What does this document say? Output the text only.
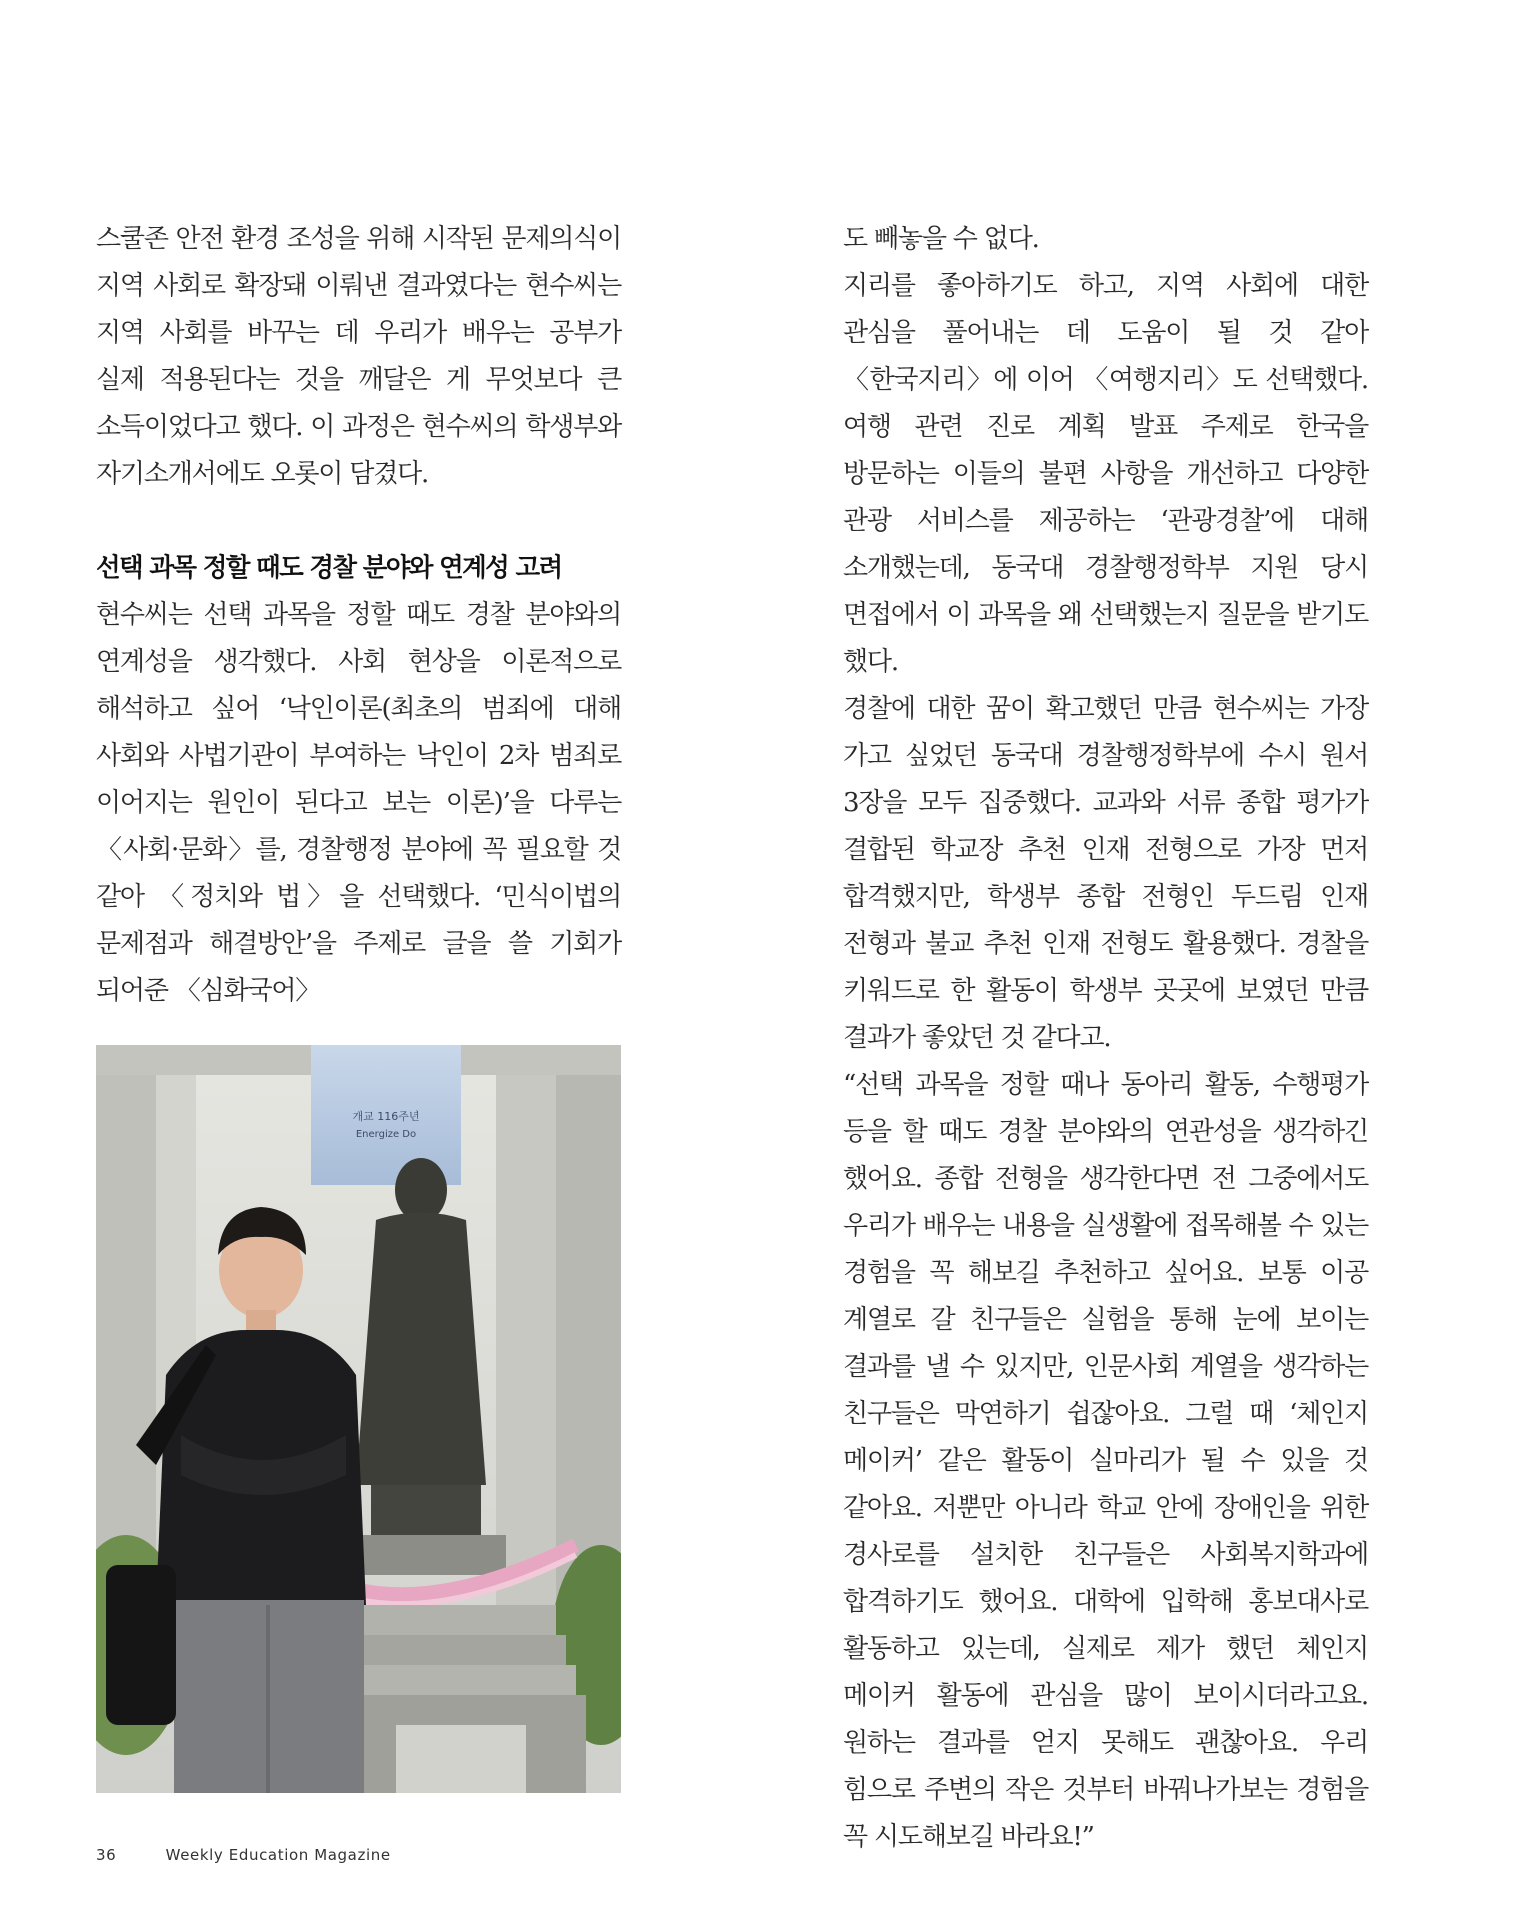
스쿨존 안전 환경 조성을 위해 시작된 문제의식이 지역 사회로 확장돼 이뤄낸 결과였다는 현수씨는 지역 사회를 바꾸는 데 우리가 배우는 공부가 실제 적용된다는 것을 깨달은 게 무엇보다 큰 소득이었다고 했다. 이 과정은 현수씨의 학생부와 자기소개서에도 오롯이 담겼다.

선택 과목 정할 때도 경찰 분야와 연계성 고려

현수씨는 선택 과목을 정할 때도 경찰 분야와의 연계성을 생각했다. 사회 현상을 이론적으로 해석하고 싶어 ‘낙인이론(최초의 범죄에 대해 사회와 사법기관이 부여하는 낙인이 2차 범죄로 이어지는 원인이 된다고 보는 이론)’을 다루는 〈사회·문화〉를, 경찰행정 분야에 꼭 필요할 것 같아 〈정치와 법〉을 선택했다. ‘민식이법의 문제점과 해결방안’을 주제로 글을 쓸 기회가 되어준 〈심화국어〉

개교 116주년
Energize Do

도 빼놓을 수 없다.

지리를 좋아하기도 하고, 지역 사회에 대한 관심을 풀어내는 데 도움이 될 것 같아 〈한국지리〉에 이어 〈여행지리〉도 선택했다. 여행 관련 진로 계획 발표 주제로 한국을 방문하는 이들의 불편 사항을 개선하고 다양한 관광 서비스를 제공하는 ‘관광경찰’에 대해 소개했는데, 동국대 경찰행정학부 지원 당시 면접에서 이 과목을 왜 선택했는지 질문을 받기도 했다.

경찰에 대한 꿈이 확고했던 만큼 현수씨는 가장 가고 싶었던 동국대 경찰행정학부에 수시 원서 3장을 모두 집중했다. 교과와 서류 종합 평가가 결합된 학교장 추천 인재 전형으로 가장 먼저 합격했지만, 학생부 종합 전형인 두드림 인재 전형과 불교 추천 인재 전형도 활용했다. 경찰을 키워드로 한 활동이 학생부 곳곳에 보였던 만큼 결과가 좋았던 것 같다고.

“선택 과목을 정할 때나 동아리 활동, 수행평가 등을 할 때도 경찰 분야와의 연관성을 생각하긴 했어요. 종합 전형을 생각한다면 전 그중에서도 우리가 배우는 내용을 실생활에 접목해볼 수 있는 경험을 꼭 해보길 추천하고 싶어요. 보통 이공 계열로 갈 친구들은 실험을 통해 눈에 보이는 결과를 낼 수 있지만, 인문사회 계열을 생각하는 친구들은 막연하기 쉽잖아요. 그럴 때 ‘체인지 메이커’ 같은 활동이 실마리가 될 수 있을 것 같아요. 저뿐만 아니라 학교 안에 장애인을 위한 경사로를 설치한 친구들은 사회복지학과에 합격하기도 했어요. 대학에 입학해 홍보대사로 활동하고 있는데, 실제로 제가 했던 체인지 메이커 활동에 관심을 많이 보이시더라고요. 원하는 결과를 얻지 못해도 괜찮아요. 우리 힘으로 주변의 작은 것부터 바꿔나가보는 경험을 꼭 시도해보길 바라요!”

36	Weekly Education Magazine
